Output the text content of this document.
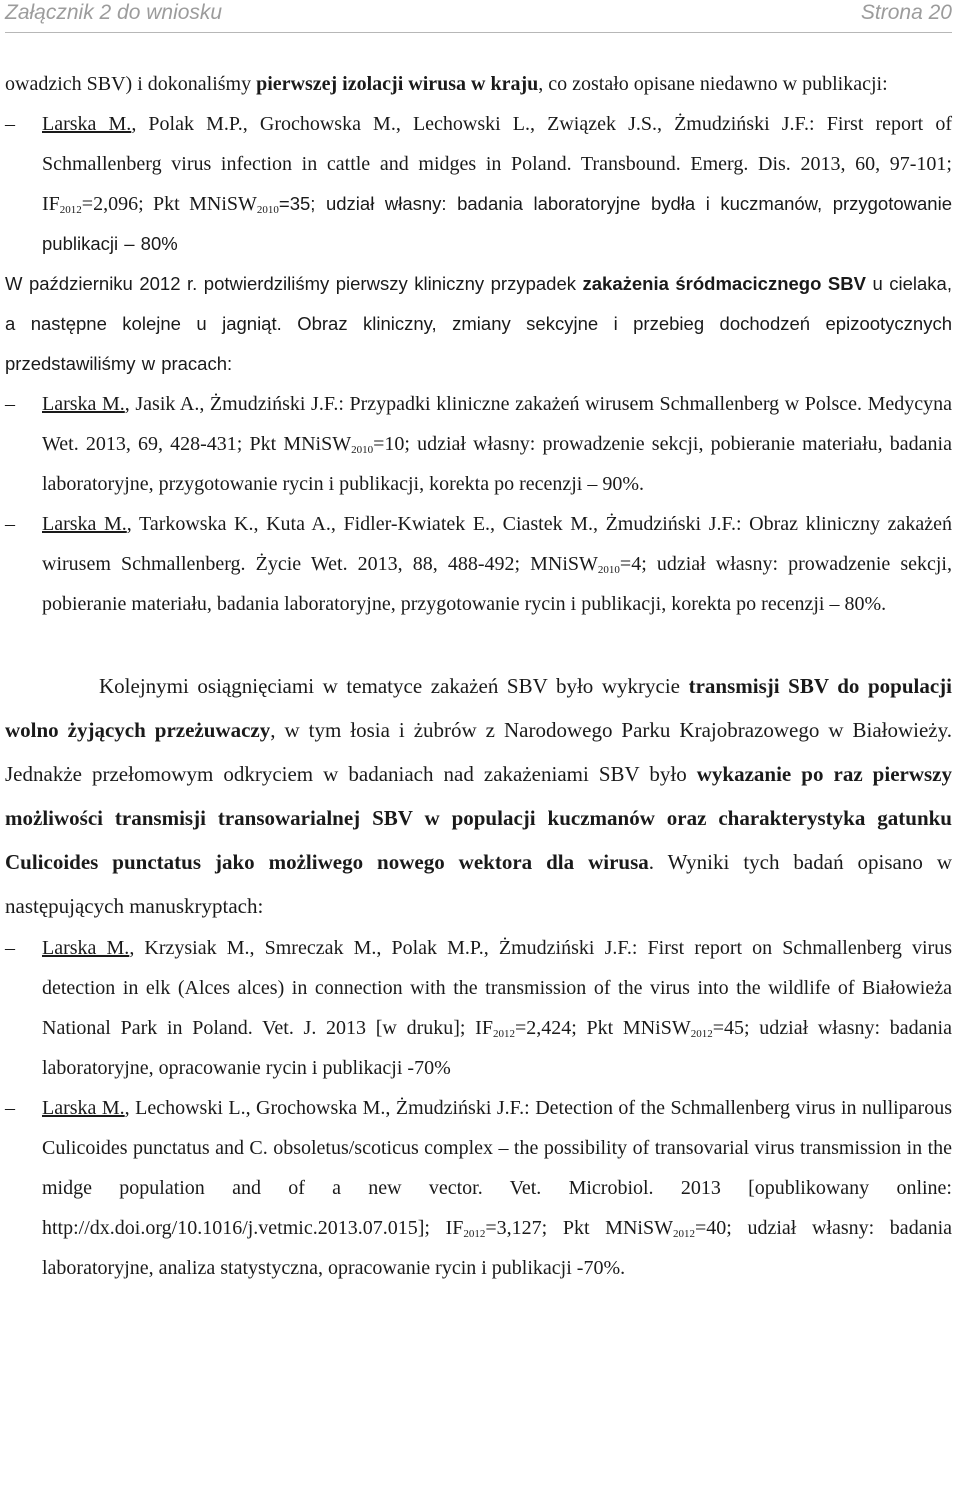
Załącznik 2 do wniosku	Strona 20

owadzich SBV) i dokonaliśmy pierwszej izolacji wirusa w kraju, co zostało opisane niedawno w publikacji:

–	Larska M., Polak M.P., Grochowska M., Lechowski L., Związek J.S., Żmudziński J.F.: First report of Schmallenberg virus infection in cattle and midges in Poland. Transbound. Emerg. Dis. 2013, 60, 97-101; $IF_{2012}=2,096$; Pkt MNiSW$_{2010}$=35; udział własny: badania laboratoryjne bydła i kuczmanów, przygotowanie publikacji – 80%

W październiku 2012 r. potwierdziliśmy pierwszy kliniczny przypadek zakażenia śródmacicznego SBV u cielaka, a następne kolejne u jagniąt. Obraz kliniczny, zmiany sekcyjne i przebieg dochodzeń epizootycznych przedstawiliśmy w pracach:

–	Larska M., Jasik A., Żmudziński J.F.: Przypadki kliniczne zakażeń wirusem Schmallenberg w Polsce. Medycyna Wet. 2013, 69, 428-431; Pkt MNiSW$_{2010}$=10; udział własny: prowadzenie sekcji, pobieranie materiału, badania laboratoryjne, przygotowanie rycin i publikacji, korekta po recenzji – 90%.
–	Larska M., Tarkowska K., Kuta A., Fidler-Kwiatek E., Ciastek M., Żmudziński J.F.: Obraz kliniczny zakażeń wirusem Schmallenberg. Życie Wet. 2013, 88, 488-492; MNiSW$_{2010}$=4; udział własny: prowadzenie sekcji, pobieranie materiału, badania laboratoryjne, przygotowanie rycin i publikacji, korekta po recenzji – 80%.

Kolejnymi osiągnięciami w tematyce zakażeń SBV było wykrycie transmisji SBV do populacji wolno żyjących przeżuwaczy, w tym łosia i żubrów z Narodowego Parku Krajobrazowego w Białowieży. Jednakże przełomowym odkryciem w badaniach nad zakażeniami SBV było wykazanie po raz pierwszy możliwości transmisji transowarialnej SBV w populacji kuczmanów oraz charakterystyka gatunku Culicoides punctatus jako możliwego nowego wektora dla wirusa. Wyniki tych badań opisano w następujących manuskryptach:

–	Larska M., Krzysiak M., Smreczak M., Polak M.P., Żmudziński J.F.: First report on Schmallenberg virus detection in elk (Alces alces) in connection with the transmission of the virus into the wildlife of Białowieża National Park in Poland. Vet. J. 2013 [w druku]; $IF_{2012}=2,424$; Pkt MNiSW$_{2012}$=45; udział własny: badania laboratoryjne, opracowanie rycin i publikacji -70%
–	Larska M., Lechowski L., Grochowska M., Żmudziński J.F.: Detection of the Schmallenberg virus in nulliparous Culicoides punctatus and C. obsoletus/scoticus complex – the possibility of transovarial virus transmission in the midge population and of a new vector. Vet. Microbiol. 2013 [opublikowany online: http://dx.doi.org/10.1016/j.vetmic.2013.07.015]; $IF_{2012}=3,127$; Pkt MNiSW$_{2012}$=40; udział własny: badania laboratoryjne, analiza statystyczna, opracowanie rycin i publikacji -70%.
